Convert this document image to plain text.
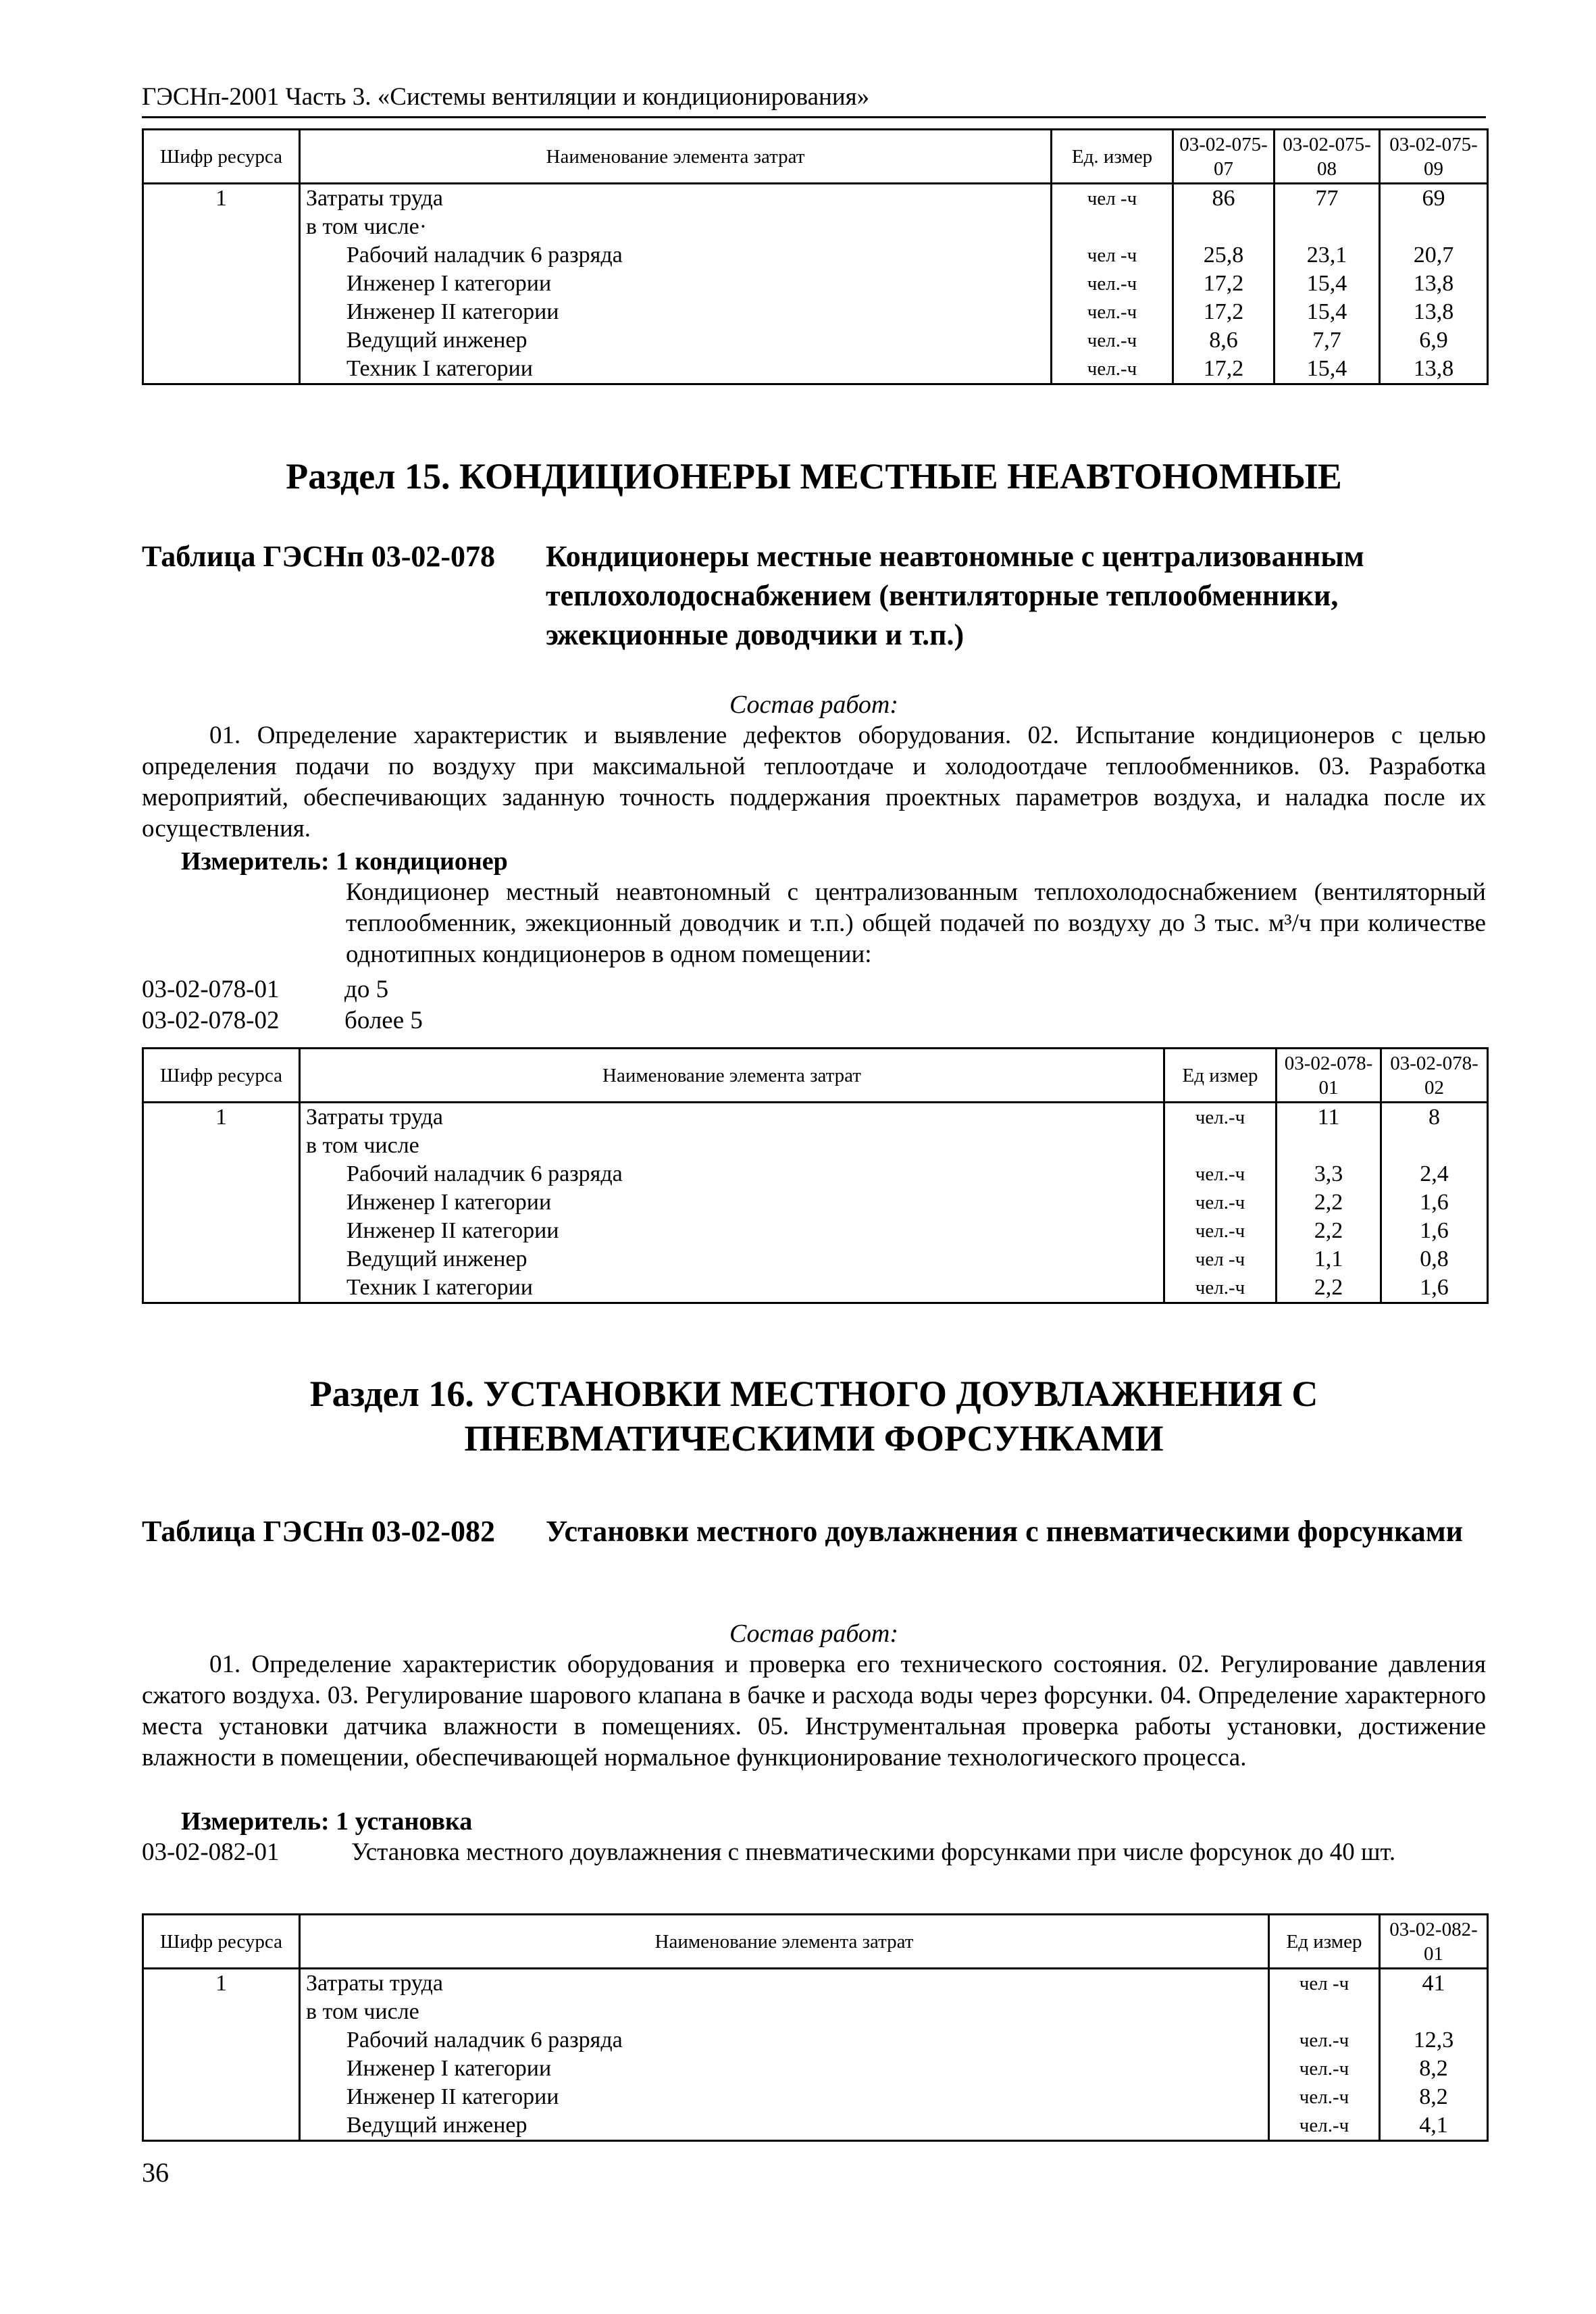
ГЭСНп-2001 Часть 3. «Системы вентиляции и кондиционирования»
Шифр ресурса	Наименование элемента затрат	Ед. измер	03-02-075-07	03-02-075-08	03-02-075-09
1	Затраты труда	чел -ч	86	77	69
	в том числе·				
	Рабочий наладчик 6 разряда	чел -ч	25,8	23,1	20,7
	Инженер I категории	чел.-ч	17,2	15,4	13,8
	Инженер II категории	чел.-ч	17,2	15,4	13,8
	Ведущий инженер	чел.-ч	8,6	7,7	6,9
	Техник I категории	чел.-ч	17,2	15,4	13,8
Раздел 15. КОНДИЦИОНЕРЫ МЕСТНЫЕ НЕАВТОНОМНЫЕ
Таблица ГЭСНп 03-02-078	Кондиционеры местные неавтономные с централизованным теплохолодоснабжением (вентиляторные теплообменники, эжекционные доводчики и т.п.)
Состав работ:

01. Определение характеристик и выявление дефектов оборудования. 02. Испытание кондиционеров с целью определения подачи по воздуху при максимальной теплоотдаче и холодоотдаче теплообменников. 03. Разработка мероприятий, обеспечивающих заданную точность поддержания проектных параметров воздуха, и наладка после их осуществления.

Измеритель: 1 кондиционер

Кондиционер местный неавтономный с централизованным теплохолодоснабжением (вентиляторный теплообменник, эжекционный доводчик и т.п.) общей подачей по воздуху до 3 тыс. м³/ч при количестве однотипных кондиционеров в одном помещении:

03-02-078-01	до 5
03-02-078-02	более 5
Шифр ресурса	Наименование элемента затрат	Ед измер	03-02-078-01	03-02-078-02
1	Затраты труда	чел.-ч	11	8
	в том числе			
	Рабочий наладчик 6 разряда	чел.-ч	3,3	2,4
	Инженер I категории	чел.-ч	2,2	1,6
	Инженер II категории	чел.-ч	2,2	1,6
	Ведущий инженер	чел -ч	1,1	0,8
	Техник I категории	чел.-ч	2,2	1,6
Раздел 16. УСТАНОВКИ МЕСТНОГО ДОУВЛАЖНЕНИЯ С
ПНЕВМАТИЧЕСКИМИ ФОРСУНКАМИ
Таблица ГЭСНп 03-02-082	Установки местного доувлажнения с пневматическими форсунками
Состав работ:

01. Определение характеристик оборудования и проверка его технического состояния. 02. Регулирование давления сжатого воздуха. 03. Регулирование шарового клапана в бачке и расхода воды через форсунки. 04. Определение характерного места установки датчика влажности в помещениях. 05. Инструментальная проверка работы установки, достижение влажности в помещении, обеспечивающей нормальное функционирование технологического процесса.

Измеритель: 1 установка
03-02-082-01	Установка местного доувлажнения с пневматическими форсунками при числе форсунок до 40 шт.
Шифр ресурса	Наименование элемента затрат	Ед измер	03-02-082-01
1	Затраты труда	чел -ч	41
	в том числе		
	Рабочий наладчик 6 разряда	чел.-ч	12,3
	Инженер I категории	чел.-ч	8,2
	Инженер II категории	чел.-ч	8,2
	Ведущий инженер	чел.-ч	4,1
36
